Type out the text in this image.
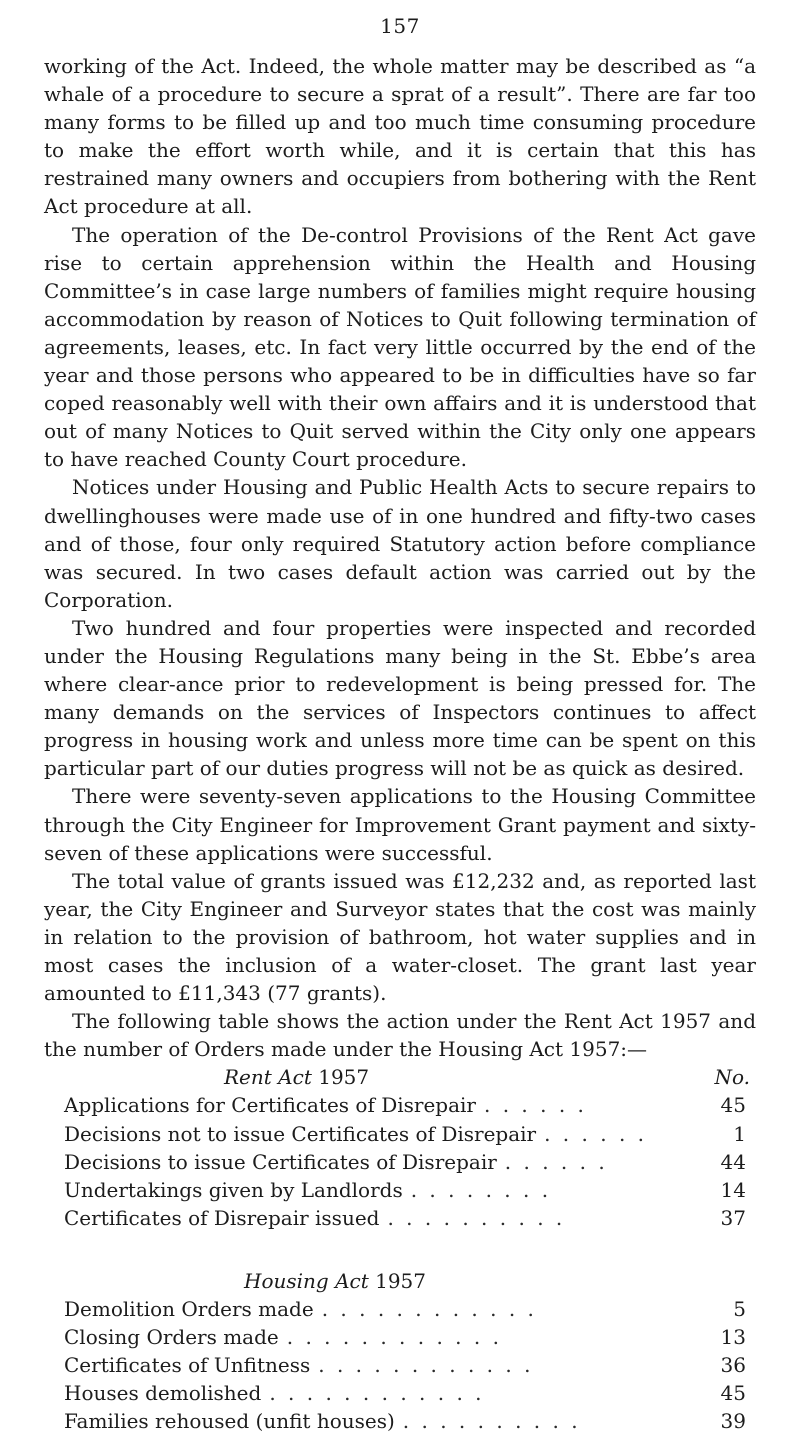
157

working of the Act. Indeed, the whole matter may be described as “a whale of a procedure to secure a sprat of a result”. There are far too many forms to be filled up and too much time consuming procedure to make the effort worth while, and it is certain that this has restrained many owners and occupiers from bothering with the Rent Act procedure at all.

The operation of the De-control Provisions of the Rent Act gave rise to certain apprehension within the Health and Housing Committee’s in case large numbers of families might require housing accommodation by reason of Notices to Quit following termination of agreements, leases, etc. In fact very little occurred by the end of the year and those persons who appeared to be in difficulties have so far coped reasonably well with their own affairs and it is understood that out of many Notices to Quit served within the City only one appears to have reached County Court procedure.

Notices under Housing and Public Health Acts to secure repairs to dwellinghouses were made use of in one hundred and fifty-two cases and of those, four only required Statutory action before compliance was secured. In two cases default action was carried out by the Corporation.

Two hundred and four properties were inspected and recorded under the Housing Regulations many being in the St. Ebbe’s area where clear-ance prior to redevelopment is being pressed for. The many demands on the services of Inspectors continues to affect progress in housing work and unless more time can be spent on this particular part of our duties progress will not be as quick as desired.

There were seventy-seven applications to the Housing Committee through the City Engineer for Improvement Grant payment and sixty-seven of these applications were successful.

The total value of grants issued was £12,232 and, as reported last year, the City Engineer and Surveyor states that the cost was mainly in relation to the provision of bathroom, hot water supplies and in most cases the inclusion of a water-closet. The grant last year amounted to £11,343 (77 grants).

The following table shows the action under the Rent Act 1957 and the number of Orders made under the Housing Act 1957:—

Rent Act 1957	No.
Applications for Certificates of Disrepair . . . . . .	45
Decisions not to issue Certificates of Disrepair . . . . . .	1
Decisions to issue Certificates of Disrepair . . . . . .	44
Undertakings given by Landlords . . . . . . . .	14
Certificates of Disrepair issued . . . . . . . . . .	37
Housing Act 1957
Demolition Orders made . . . . . . . . . . . .	5
Closing Orders made . . . . . . . . . . . .	13
Certificates of Unfitness . . . . . . . . . . . .	36
Houses demolished . . . . . . . . . . . .	45
Families rehoused (unfit houses) . . . . . . . . . .	39
